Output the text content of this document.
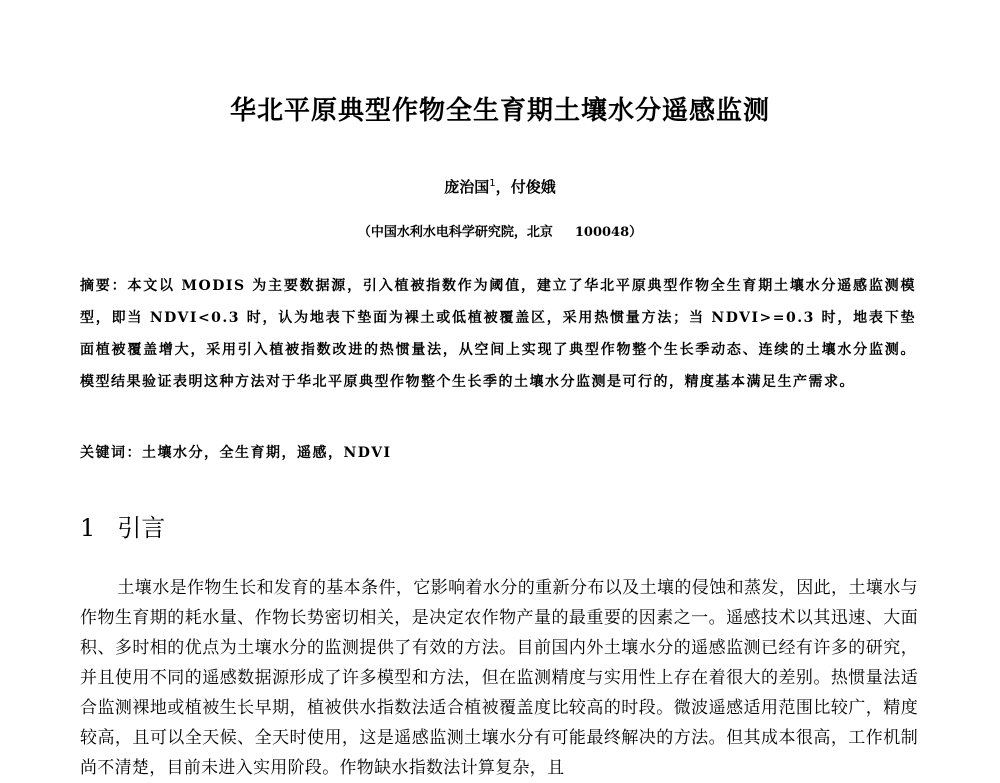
华北平原典型作物全生育期土壤水分遥感监测
庞治国$^1$，付俊娥
（中国水利水电科学研究院，北京 100048）
摘要：本文以 MODIS 为主要数据源，引入植被指数作为阈值，建立了华北平原典型作物全生育期土壤水分遥感监测模型，即当 NDVI<0.3 时，认为地表下垫面为裸土或低植被覆盖区，采用热惯量方法；当 NDVI>=0.3 时，地表下垫面植被覆盖增大，采用引入植被指数改进的热惯量法，从空间上实现了典型作物整个生长季动态、连续的土壤水分监测。模型结果验证表明这种方法对于华北平原典型作物整个生长季的土壤水分监测是可行的，精度基本满足生产需求。
关键词：土壤水分，全生育期，遥感，NDVI
1 引言
土壤水是作物生长和发育的基本条件，它影响着水分的重新分布以及土壤的侵蚀和蒸发，因此，土壤水与作物生育期的耗水量、作物长势密切相关，是决定农作物产量的最重要的因素之一。遥感技术以其迅速、大面积、多时相的优点为土壤水分的监测提供了有效的方法。目前国内外土壤水分的遥感监测已经有许多的研究，并且使用不同的遥感数据源形成了许多模型和方法，但在监测精度与实用性上存在着很大的差别。热惯量法适合监测裸地或植被生长早期，植被供水指数法适合植被覆盖度比较高的时段。微波遥感适用范围比较广，精度较高，且可以全天候、全天时使用，这是遥感监测土壤水分有可能最终解决的方法。但其成本很高，工作机制尚不清楚，目前未进入实用阶段。作物缺水指数法计算复杂，且
